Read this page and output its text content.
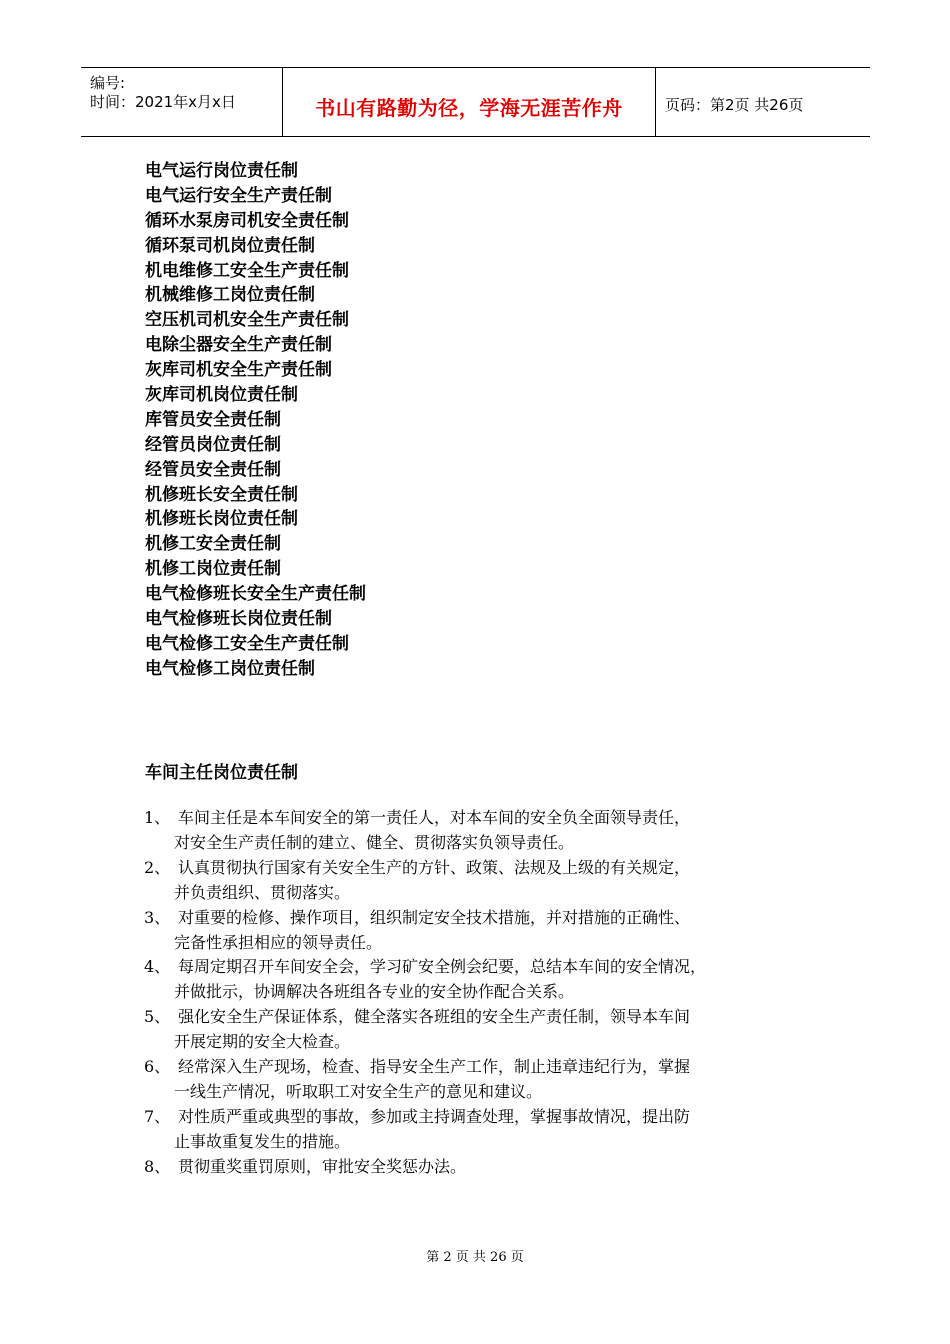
编号:
时间：2021年x月x日	书山有路勤为径，学海无涯苦作舟	页码：第2页 共26页
电气运行岗位责任制
电气运行安全生产责任制
循环水泵房司机安全责任制
循环泵司机岗位责任制
机电维修工安全生产责任制
机械维修工岗位责任制
空压机司机安全生产责任制
电除尘器安全生产责任制
灰库司机安全生产责任制
灰库司机岗位责任制
库管员安全责任制
经管员岗位责任制
经管员安全责任制
机修班长安全责任制
机修班长岗位责任制
机修工安全责任制
机修工岗位责任制
电气检修班长安全生产责任制
电气检修班长岗位责任制
电气检修工安全生产责任制
电气检修工岗位责任制
车间主任岗位责任制
1、 车间主任是本车间安全的第一责任人，对本车间的安全负全面领导责任，
对安全生产责任制的建立、健全、贯彻落实负领导责任。
2、 认真贯彻执行国家有关安全生产的方针、政策、法规及上级的有关规定，
并负责组织、贯彻落实。
3、 对重要的检修、操作项目，组织制定安全技术措施，并对措施的正确性、
完备性承担相应的领导责任。
4、 每周定期召开车间安全会，学习矿安全例会纪要，总结本车间的安全情况，
并做批示，协调解决各班组各专业的安全协作配合关系。
5、 强化安全生产保证体系，健全落实各班组的安全生产责任制，领导本车间
开展定期的安全大检查。
6、 经常深入生产现场，检查、指导安全生产工作，制止违章违纪行为，掌握
一线生产情况，听取职工对安全生产的意见和建议。
7、 对性质严重或典型的事故，参加或主持调查处理，掌握事故情况，提出防
止事故重复发生的措施。
8、 贯彻重奖重罚原则，审批安全奖惩办法。
第 2 页 共 26 页
